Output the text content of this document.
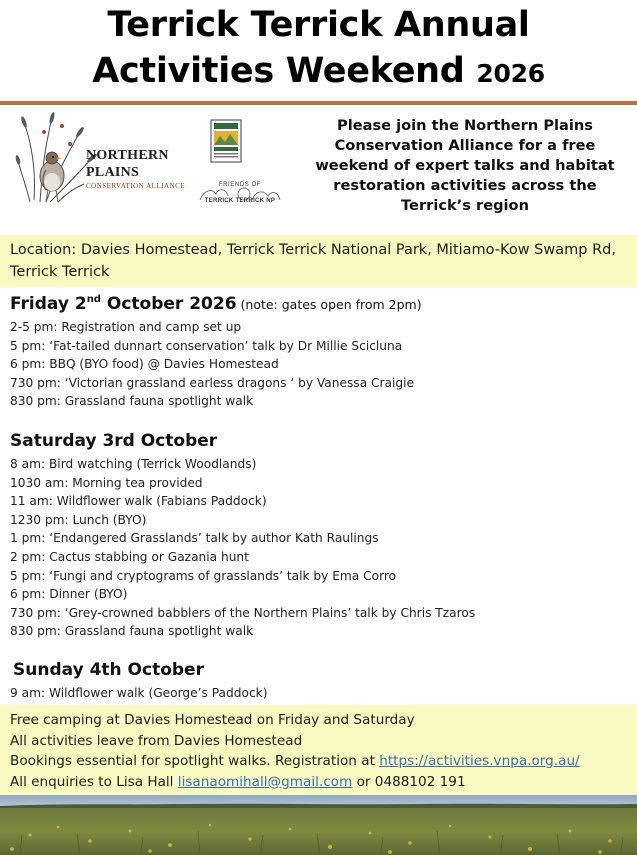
Terrick Terrick Annual
Activities Weekend 2026
NORTHERN
PLAINS
CONSERVATION ALLIANCE	FRIENDS OF
TERRICK TERRICK NP
Please join the Northern Plains Conservation Alliance for a free weekend of expert talks and habitat restoration activities across the Terrick’s region
Location: Davies Homestead, Terrick Terrick National Park, Mitiamo-Kow Swamp Rd, Terrick Terrick
Friday 2nd October 2026 (note: gates open from 2pm)
2-5 pm: Registration and camp set up
5 pm: ‘Fat-tailed dunnart conservation’ talk by Dr Millie Scicluna
6 pm: BBQ (BYO food) @ Davies Homestead
730 pm: ‘Victorian grassland earless dragons ‘ by Vanessa Craigie
830 pm: Grassland fauna spotlight walk
Saturday 3rd October
8 am: Bird watching (Terrick Woodlands)
1030 am: Morning tea provided
11 am: Wildflower walk (Fabians Paddock)
1230 pm: Lunch (BYO)
1 pm: ‘Endangered Grasslands’ talk by author Kath Raulings
2 pm: Cactus stabbing or Gazania hunt
5 pm: ‘Fungi and cryptograms of grasslands’ talk by Ema Corro
6 pm: Dinner (BYO)
730 pm: ‘Grey-crowned babblers of the Northern Plains’ talk by Chris Tzaros
830 pm: Grassland fauna spotlight walk
Sunday 4th October
9 am: Wildflower walk (George’s Paddock)
Free camping at Davies Homestead on Friday and Saturday
All activities leave from Davies Homestead
Bookings essential for spotlight walks. Registration at https://activities.vnpa.org.au/
All enquiries to Lisa Hall lisanaomihall@gmail.com or 0488102 191
